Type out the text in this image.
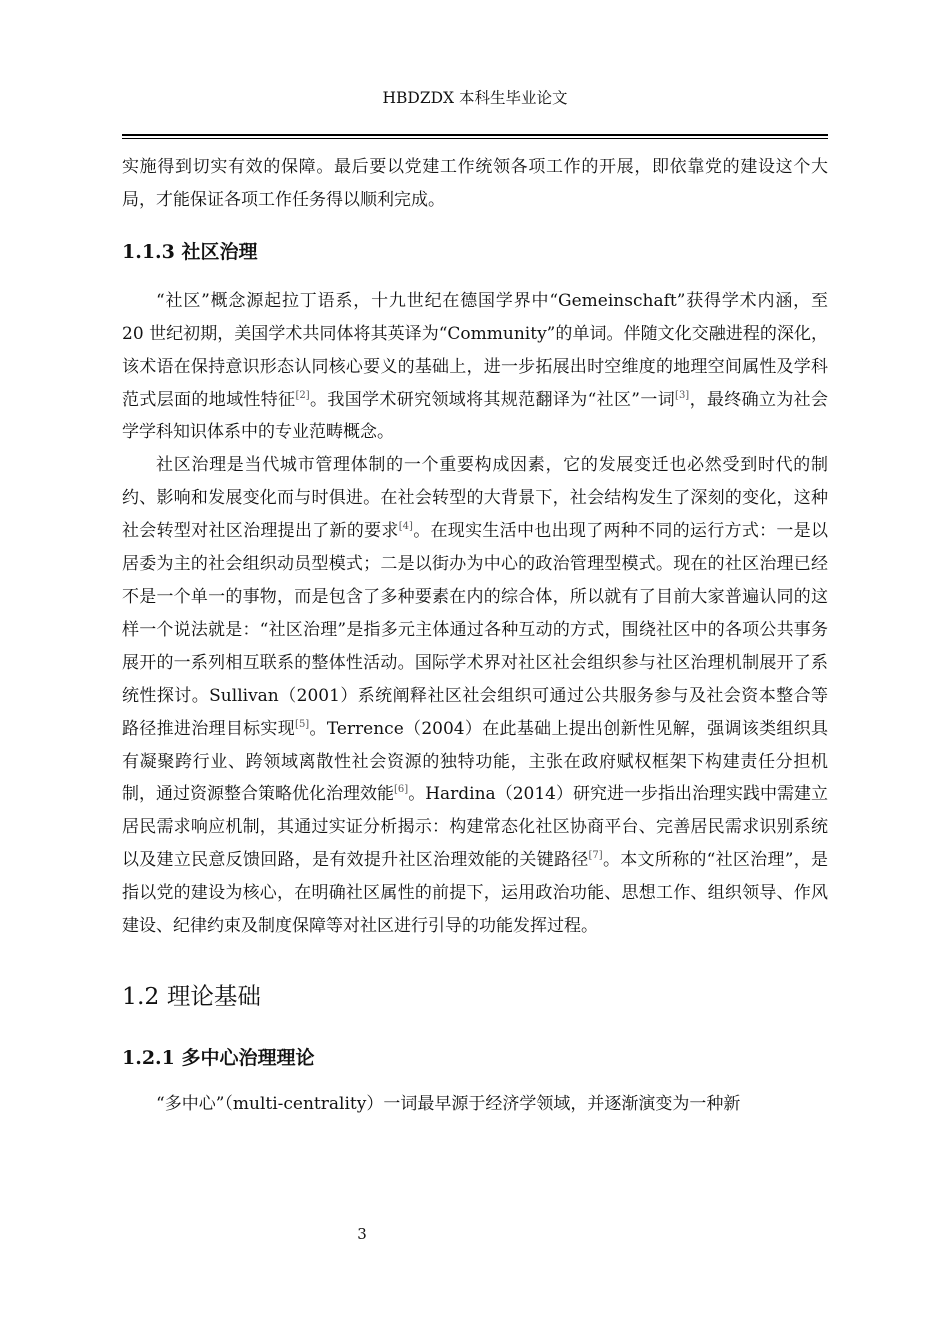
HBDZDX 本科生毕业论文

实施得到切实有效的保障。最后要以党建工作统领各项工作的开展，即依靠党的建设这个大局，才能保证各项工作任务得以顺利完成。

1.1.3 社区治理

“社区”概念源起拉丁语系，十九世纪在德国学界中“Gemeinschaft”获得学术内涵，至 20 世纪初期，美国学术共同体将其英译为“Community”的单词。伴随文化交融进程的深化，该术语在保持意识形态认同核心要义的基础上，进一步拓展出时空维度的地理空间属性及学科范式层面的地域性特征[2]。我国学术研究领域将其规范翻译为“社区”一词[3]，最终确立为社会学学科知识体系中的专业范畴概念。

社区治理是当代城市管理体制的一个重要构成因素，它的发展变迁也必然受到时代的制约、影响和发展变化而与时俱进。在社会转型的大背景下，社会结构发生了深刻的变化，这种社会转型对社区治理提出了新的要求[4]。在现实生活中也出现了两种不同的运行方式：一是以居委为主的社会组织动员型模式；二是以街办为中心的政治管理型模式。现在的社区治理已经不是一个单一的事物，而是包含了多种要素在内的综合体，所以就有了目前大家普遍认同的这样一个说法就是：“社区治理”是指多元主体通过各种互动的方式，围绕社区中的各项公共事务展开的一系列相互联系的整体性活动。国际学术界对社区社会组织参与社区治理机制展开了系统性探讨。Sullivan（2001）系统阐释社区社会组织可通过公共服务参与及社会资本整合等路径推进治理目标实现[5]。Terrence（2004）在此基础上提出创新性见解，强调该类组织具有凝聚跨行业、跨领域离散性社会资源的独特功能，主张在政府赋权框架下构建责任分担机制，通过资源整合策略优化治理效能[6]。Hardina（2014）研究进一步指出治理实践中需建立居民需求响应机制，其通过实证分析揭示：构建常态化社区协商平台、完善居民需求识别系统以及建立民意反馈回路，是有效提升社区治理效能的关键路径[7]。本文所称的“社区治理”，是指以党的建设为核心，在明确社区属性的前提下，运用政治功能、思想工作、组织领导、作风建设、纪律约束及制度保障等对社区进行引导的功能发挥过程。

1.2 理论基础
1.2.1 多中心治理理论

“多中心”（multi-centrality）一词最早源于经济学领域，并逐渐演变为一种新

3
